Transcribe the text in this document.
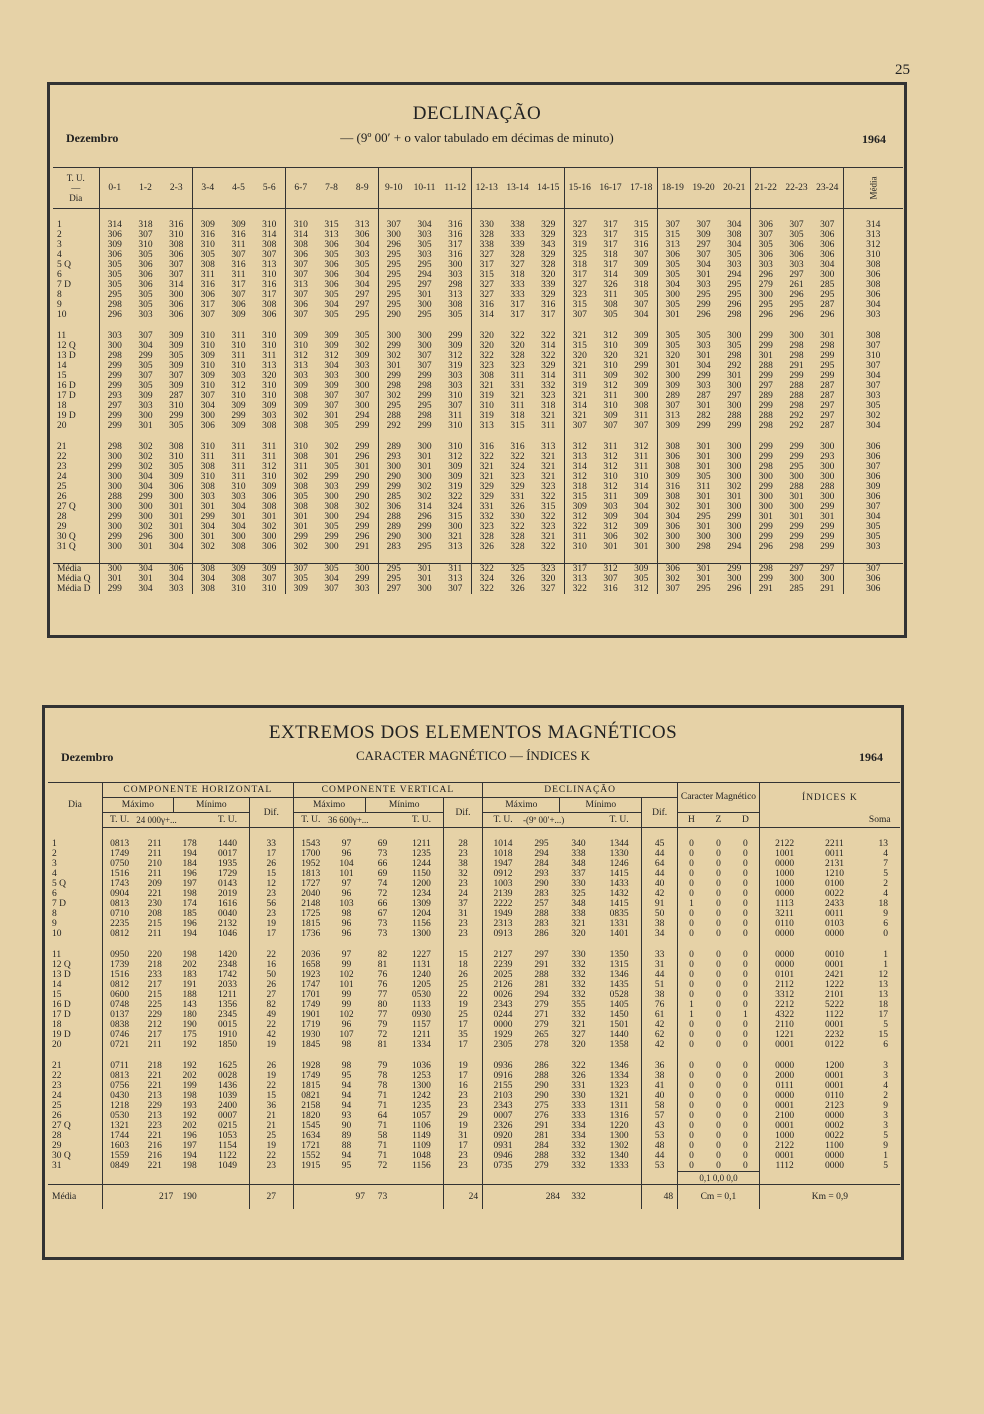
25
DECLINAÇÃO
Dezembro	— (9º 00′ + o valor tabulado em décimas de minuto)	1964
T. U.
—
Dia	0-1	1-2	2-3	3-4	4-5	5-6	6-7	7-8	8-9	9-10	10-11	11-12	12-13	13-14	14-15	15-16	16-17	17-18	18-19	19-20	20-21	21-22	22-23	23-24	Média

1	314	318	316	309	309	310	310	315	313	307	304	316	330	338	329	327	317	315	307	307	304	306	307	307	314
2	306	307	310	316	316	314	314	313	306	300	303	316	328	333	329	323	317	315	315	309	308	307	305	306	313
3	309	310	308	310	311	308	308	306	304	296	305	317	338	339	343	319	317	316	313	297	304	305	306	306	312
4	306	305	306	305	307	307	306	305	303	295	303	316	327	328	329	325	318	307	306	307	305	306	306	306	310
5 Q	305	306	307	308	316	313	307	306	305	295	295	300	317	327	328	318	317	309	305	304	303	303	303	304	308
6	305	306	307	311	311	310	307	306	304	295	294	303	315	318	320	317	314	309	305	301	294	296	297	300	306
7 D	305	306	314	316	317	316	313	306	304	295	297	298	327	333	339	327	326	318	304	303	295	279	261	285	308
8	295	305	300	306	307	317	307	305	297	295	301	313	327	333	329	323	311	305	300	295	295	300	296	295	306
9	298	305	306	317	306	308	306	304	297	295	300	308	316	317	316	315	308	307	305	299	296	295	295	287	304
10	296	303	306	307	309	306	307	305	295	290	295	305	314	317	317	307	305	304	301	296	298	296	296	296	303

11	303	307	309	310	311	310	309	309	305	300	300	299	320	322	322	321	312	309	305	305	300	299	300	301	308
12 Q	300	304	309	310	310	310	310	309	302	299	300	309	320	320	314	315	310	309	305	303	305	299	298	298	307
13 D	298	299	305	309	311	311	312	312	309	302	307	312	322	328	322	320	320	321	320	301	298	301	298	299	310
14	299	305	309	310	310	313	313	304	303	301	307	319	323	323	329	321	310	299	301	304	292	288	291	295	307
15	299	307	307	309	303	320	303	303	300	299	299	303	308	311	314	311	309	302	300	299	301	299	299	299	304
16 D	299	305	309	310	312	310	309	309	300	298	298	303	321	331	332	319	312	309	309	303	300	297	288	287	307
17 D	293	309	287	307	310	310	308	307	307	302	299	310	319	321	323	321	311	300	289	287	297	289	288	287	303
18	297	303	310	304	309	309	309	307	300	295	295	307	310	311	318	314	310	308	307	301	300	299	298	297	305
19 D	299	300	299	300	299	303	302	301	294	288	298	311	319	318	321	321	309	311	313	282	288	288	292	297	302
20	299	301	305	306	309	308	308	305	299	292	299	310	313	315	311	307	307	307	309	299	299	298	292	287	304

21	298	302	308	310	311	311	310	302	299	289	300	310	316	316	313	312	311	312	308	301	300	299	299	300	306
22	300	302	310	311	311	311	308	301	296	293	301	312	322	322	321	313	312	311	306	301	300	299	299	293	306
23	299	302	305	308	311	312	311	305	301	300	301	309	321	324	321	314	312	311	308	301	300	298	295	300	307
24	300	304	309	310	311	310	302	299	290	290	300	309	321	323	321	312	310	310	309	305	300	300	300	300	306
25	300	304	306	308	310	309	308	303	299	299	302	319	329	329	323	318	312	314	316	311	302	299	288	288	309
26	288	299	300	303	303	306	305	300	290	285	302	322	329	331	322	315	311	309	308	301	301	300	301	300	306
27 Q	300	300	301	301	304	308	308	308	302	306	314	324	331	326	315	309	303	304	302	301	300	300	300	299	307
28	299	300	301	299	301	301	301	300	294	288	296	315	332	330	322	312	309	304	304	295	299	301	301	301	304
29	300	302	301	304	304	302	301	305	299	289	299	300	323	322	323	322	312	309	306	301	300	299	299	299	305
30 Q	299	296	300	301	300	300	299	299	296	290	300	321	328	328	321	311	306	302	300	300	300	299	299	299	305
31 Q	300	301	304	302	308	306	302	300	291	283	295	313	326	328	322	310	301	301	300	298	294	296	298	299	303

Média	300	304	306	308	309	309	307	305	300	295	301	311	322	325	323	317	312	309	306	301	299	298	297	297	307
Média Q	301	301	304	304	308	307	305	304	299	295	301	313	324	326	320	313	307	305	302	301	300	299	300	300	306
Média D	299	304	303	308	310	310	309	307	303	297	300	307	322	326	327	322	316	312	307	295	296	291	285	291	306
EXTREMOS DOS ELEMENTOS MAGNÉTICOS
Dezembro	CARACTER MAGNÉTICO — ÍNDICES K	1964
Dia	COMPONENTE HORIZONTAL					COMPONENTE VERTICAL					DECLINAÇÃO					Caracter Magnético			ÍNDICES K		
	Máximo		Mínimo		Dif.	Máximo		Mínimo		Dif.	Máximo		Mínimo		Dif.						
	T. U.	24 000γ+...		T. U.		T. U.	36 600γ+...		T. U.		T. U.	-(9º 00′+...)		T. U.		H	Z	D			Soma

1	0813	211	178	1440	33	1543	97	69	1211	28	1014	295	340	1344	45	0	0	0	2122	2211	13
2	1749	211	194	0017	17	1700	96	73	1235	23	1018	294	338	1330	44	0	0	0	1001	0011	4
3	0750	210	184	1935	26	1952	104	66	1244	38	1947	284	348	1246	64	0	0	0	0000	2131	7
4	1516	211	196	1729	15	1813	101	69	1150	32	0912	293	337	1415	44	0	0	0	1000	1210	5
5 Q	1743	209	197	0143	12	1727	97	74	1200	23	1003	290	330	1433	40	0	0	0	1000	0100	2
6	0904	221	198	2019	23	2040	96	72	1234	24	2139	283	325	1432	42	0	0	0	0000	0022	4
7 D	0813	230	174	1616	56	2148	103	66	1309	37	2222	257	348	1415	91	1	0	0	1113	2433	18
8	0710	208	185	0040	23	1725	98	67	1204	31	1949	288	338	0835	50	0	0	0	3211	0011	9
9	2235	215	196	2132	19	1815	96	73	1156	23	2313	283	321	1331	38	0	0	0	0110	0103	6
10	0812	211	194	1046	17	1736	96	73	1300	23	0913	286	320	1401	34	0	0	0	0000	0000	0

11	0950	220	198	1420	22	2036	97	82	1227	15	2127	297	330	1350	33	0	0	0	0000	0010	1
12 Q	1739	218	202	2348	16	1658	99	81	1131	18	2239	291	332	1315	31	0	0	0	0000	0001	1
13 D	1516	233	183	1742	50	1923	102	76	1240	26	2025	288	332	1346	44	0	0	0	0101	2421	12
14	0812	217	191	2033	26	1747	101	76	1205	25	2126	281	332	1435	51	0	0	0	2112	1222	13
15	0600	215	188	1211	27	1701	99	77	0530	22	0026	294	332	0528	38	0	0	0	3312	2101	13
16 D	0748	225	143	1356	82	1749	99	80	1133	19	2343	279	355	1405	76	1	0	0	2212	5222	18
17 D	0137	229	180	2345	49	1901	102	77	0930	25	0244	271	332	1450	61	1	0	1	4322	1122	17
18	0838	212	190	0015	22	1719	96	79	1157	17	0000	279	321	1501	42	0	0	0	2110	0001	5
19 D	0746	217	175	1910	42	1930	107	72	1211	35	1929	265	327	1440	62	0	0	0	1221	2232	15
20	0721	211	192	1850	19	1845	98	81	1334	17	2305	278	320	1358	42	0	0	0	0001	0122	6

21	0711	218	192	1625	26	1928	98	79	1036	19	0936	286	322	1346	36	0	0	0	0000	1200	3
22	0813	221	202	0028	19	1749	95	78	1253	17	0916	288	326	1334	38	0	0	0	2000	0001	3
23	0756	221	199	1436	22	1815	94	78	1300	16	2155	290	331	1323	41	0	0	0	0111	0001	4
24	0430	213	198	1039	15	0821	94	71	1242	23	2103	290	330	1321	40	0	0	0	0000	0110	2
25	1218	229	193	2400	36	2158	94	71	1235	23	2343	275	333	1311	58	0	0	0	0001	2123	9
26	0530	213	192	0007	21	1820	93	64	1057	29	0007	276	333	1316	57	0	0	0	2100	0000	3
27 Q	1321	223	202	0215	21	1545	90	71	1106	19	2326	291	334	1220	43	0	0	0	0001	0002	3
28	1744	221	196	1053	25	1634	89	58	1149	31	0920	281	334	1300	53	0	0	0	1000	0022	5
29	1603	216	197	1154	19	1721	88	71	1109	17	0931	284	332	1302	48	0	0	0	2122	1100	9
30 Q	1559	216	194	1122	22	1552	94	71	1048	23	0946	288	332	1340	44	0	0	0	0001	0000	1
31	0849	221	198	1049	23	1915	95	72	1156	23	0735	279	332	1333	53	0	0	0	1112	0000	5
																0,1 0,0 0,0					
Média		217	190		27		97	73		24		284	332		48	Cm = 0,1			Km = 0,9		
